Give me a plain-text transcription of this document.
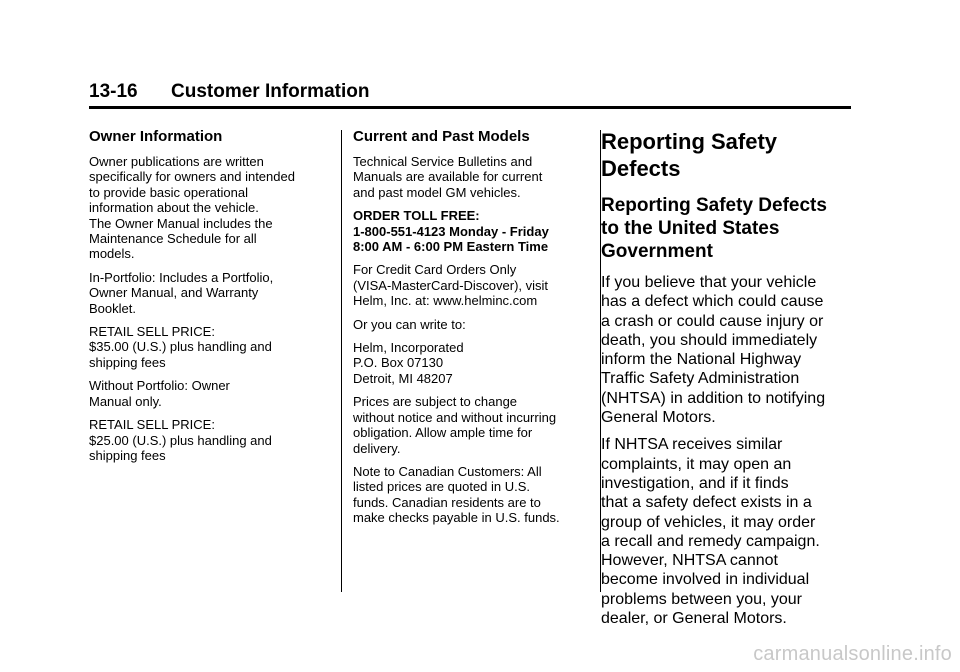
13-16 Customer Information
Owner Information

Owner publications are written
specifically for owners and intended
to provide basic operational
information about the vehicle.
The Owner Manual includes the
Maintenance Schedule for all
models.

In-Portfolio: Includes a Portfolio,
Owner Manual, and Warranty
Booklet.

RETAIL SELL PRICE:
$35.00 (U.S.) plus handling and
shipping fees

Without Portfolio: Owner
Manual only.

RETAIL SELL PRICE:
$25.00 (U.S.) plus handling and
shipping fees

Current and Past Models

Technical Service Bulletins and
Manuals are available for current
and past model GM vehicles.

ORDER TOLL FREE:
1-800-551-4123 Monday - Friday
8:00 AM - 6:00 PM Eastern Time

For Credit Card Orders Only
(VISA-MasterCard-Discover), visit
Helm, Inc. at: www.helminc.com

Or you can write to:

Helm, Incorporated
P.O. Box 07130
Detroit, MI 48207

Prices are subject to change
without notice and without incurring
obligation. Allow ample time for
delivery.

Note to Canadian Customers: All
listed prices are quoted in U.S.
funds. Canadian residents are to
make checks payable in U.S. funds.

Reporting Safety
Defects
Reporting Safety Defects
to the United States
Government

If you believe that your vehicle
has a defect which could cause
a crash or could cause injury or
death, you should immediately
inform the National Highway
Traffic Safety Administration
(NHTSA) in addition to notifying
General Motors.

If NHTSA receives similar
complaints, it may open an
investigation, and if it finds
that a safety defect exists in a
group of vehicles, it may order
a recall and remedy campaign.
However, NHTSA cannot
become involved in individual
problems between you, your
dealer, or General Motors.

carmanualsonline.info
